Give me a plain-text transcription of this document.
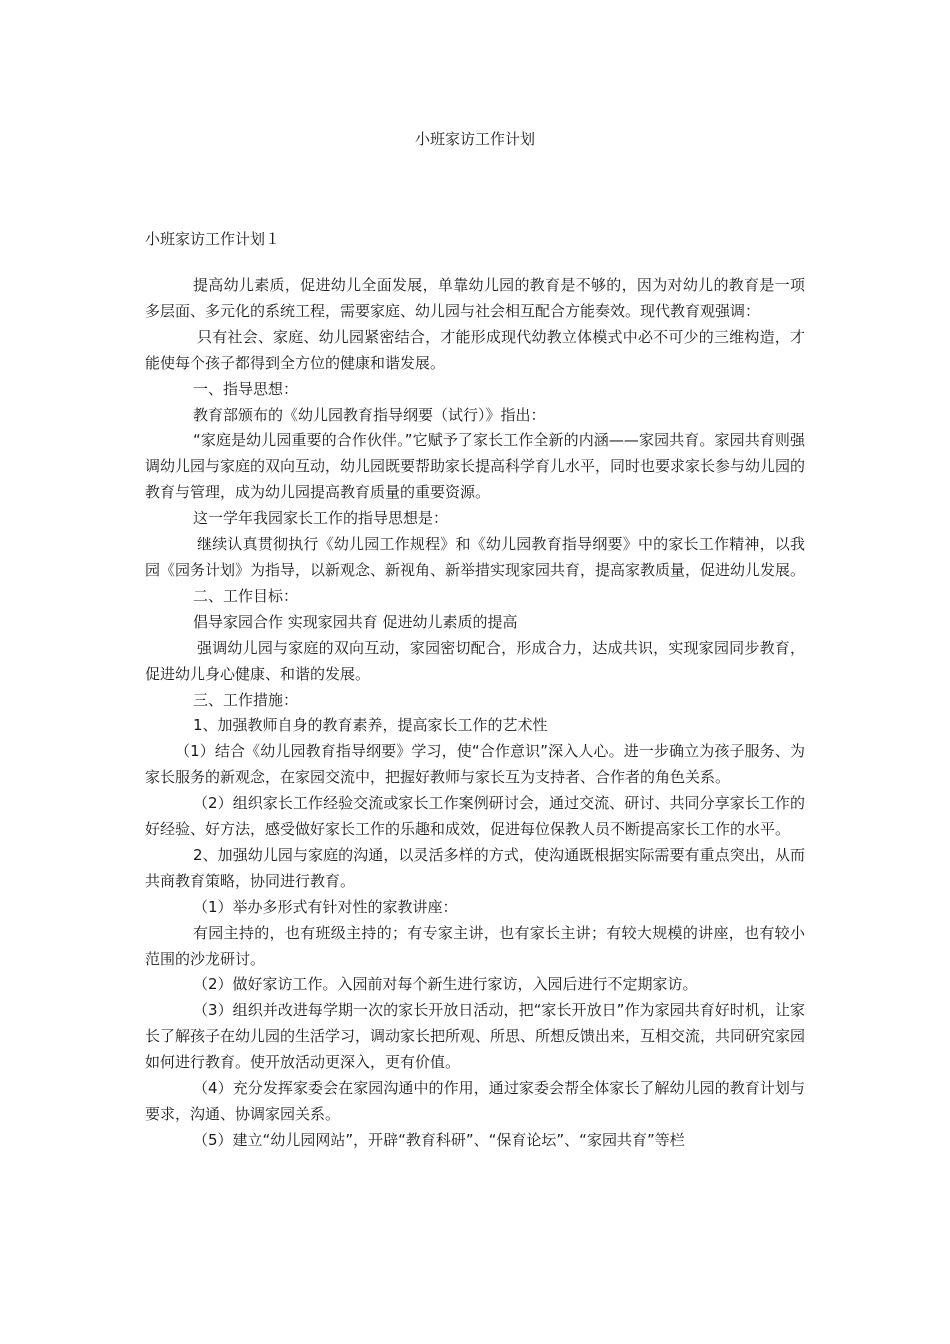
小班家访工作计划
小班家访工作计划１

提高幼儿素质，促进幼儿全面发展，单靠幼儿园的教育是不够的，因为对幼儿的教育是一项多层面、多元化的系统工程，需要家庭、幼儿园与社会相互配合方能奏效。现代教育观强调：

只有社会、家庭、幼儿园紧密结合，才能形成现代幼教立体模式中必不可少的三维构造，才能使每个孩子都得到全方位的健康和谐发展。

一、指导思想：

教育部颁布的《幼儿园教育指导纲要（试行）》指出：

“家庭是幼儿园重要的合作伙伴。”它赋予了家长工作全新的内涵——家园共育。家园共育则强调幼儿园与家庭的双向互动，幼儿园既要帮助家长提高科学育儿水平，同时也要求家长参与幼儿园的教育与管理，成为幼儿园提高教育质量的重要资源。

这一学年我园家长工作的指导思想是：

继续认真贯彻执行《幼儿园工作规程》和《幼儿园教育指导纲要》中的家长工作精神，以我园《园务计划》为指导，以新观念、新视角、新举措实现家园共育，提高家教质量，促进幼儿发展。

二、工作目标：

倡导家园合作 实现家园共育 促进幼儿素质的提高

强调幼儿园与家庭的双向互动，家园密切配合，形成合力，达成共识，实现家园同步教育，促进幼儿身心健康、和谐的发展。

三、工作措施：

1、加强教师自身的教育素养，提高家长工作的艺术性

（1）结合《幼儿园教育指导纲要》学习，使“合作意识”深入人心。进一步确立为孩子服务、为家长服务的新观念，在家园交流中，把握好教师与家长互为支持者、合作者的角色关系。

（2）组织家长工作经验交流或家长工作案例研讨会，通过交流、研讨、共同分享家长工作的好经验、好方法，感受做好家长工作的乐趣和成效，促进每位保教人员不断提高家长工作的水平。

2、加强幼儿园与家庭的沟通，以灵活多样的方式，使沟通既根据实际需要有重点突出，从而共商教育策略，协同进行教育。

（1）举办多形式有针对性的家教讲座：

有园主持的，也有班级主持的；有专家主讲，也有家长主讲；有较大规模的讲座，也有较小范围的沙龙研讨。

（2）做好家访工作。入园前对每个新生进行家访，入园后进行不定期家访。

（3）组织并改进每学期一次的家长开放日活动，把“家长开放日”作为家园共育好时机，让家长了解孩子在幼儿园的生活学习，调动家长把所观、所思、所想反馈出来，互相交流，共同研究家园如何进行教育。使开放活动更深入，更有价值。

（4）充分发挥家委会在家园沟通中的作用，通过家委会帮全体家长了解幼儿园的教育计划与要求，沟通、协调家园关系。

（5）建立“幼儿园网站”，开辟“教育科研”、“保育论坛”、“家园共育”等栏
